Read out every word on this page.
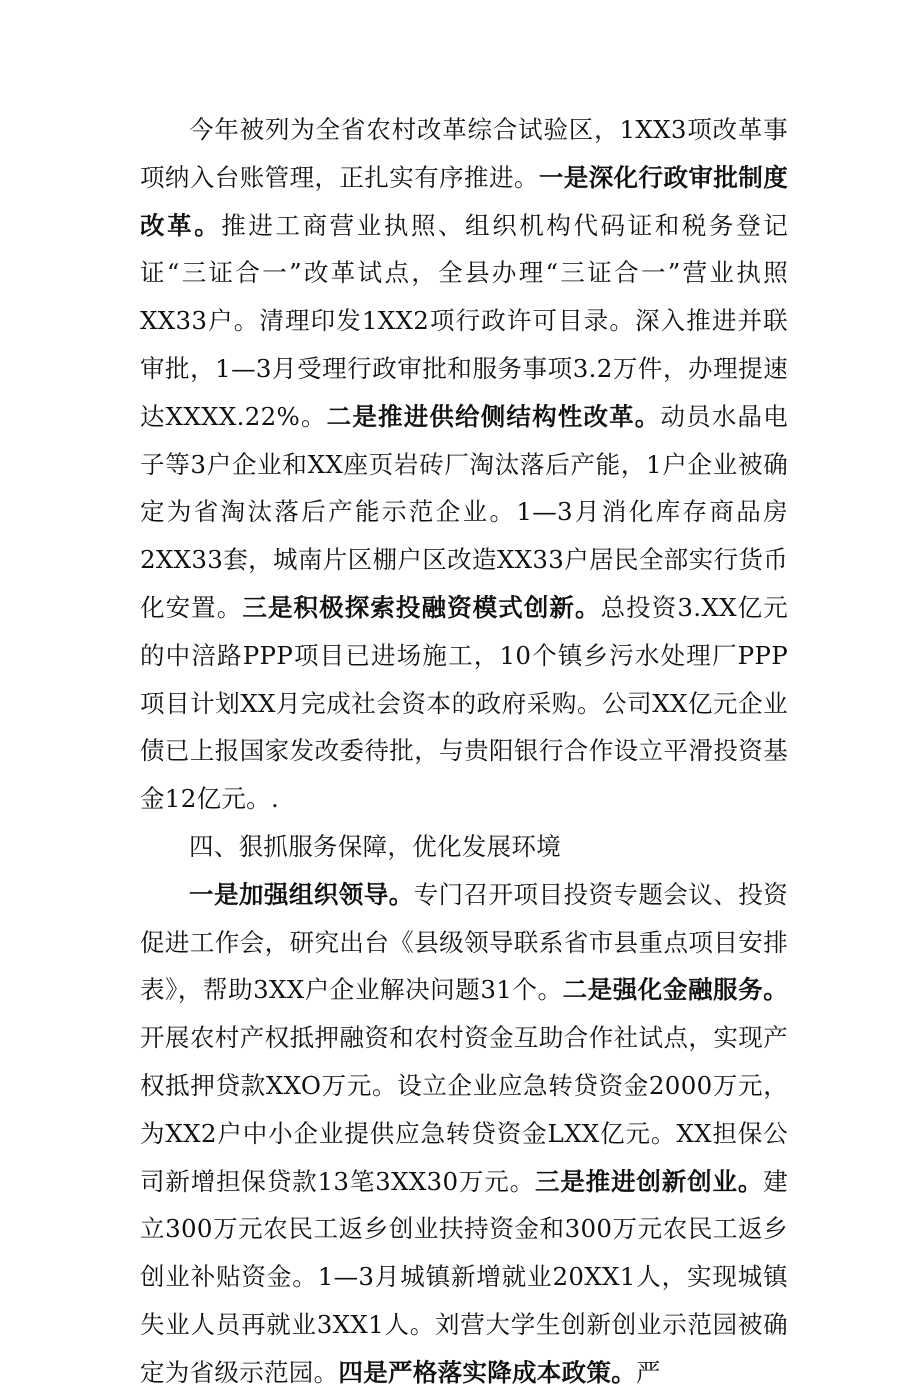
今年被列为全省农村改革综合试验区，1XX3项改革事项纳入台账管理，正扎实有序推进。一是深化行政审批制度改革。推进工商营业执照、组织机构代码证和税务登记证“三证合一”改革试点，全县办理“三证合一”营业执照XX33户。清理印发1XX2项行政许可目录。深入推进并联审批，1—3月受理行政审批和服务事项3.2万件，办理提速达XXXX.22%。二是推进供给侧结构性改革。动员水晶电子等3户企业和XX座页岩砖厂淘汰落后产能，1户企业被确定为省淘汰落后产能示范企业。1—3月消化库存商品房2XX33套，城南片区棚户区改造XX33户居民全部实行货币化安置。三是积极探索投融资模式创新。总投资3.XX亿元的中涪路PPP项目已进场施工，10个镇乡污水处理厂PPP项目计划XX月完成社会资本的政府采购。公司XX亿元企业债已上报国家发改委待批，与贵阳银行合作设立平滑投资基金12亿元。.

四、狠抓服务保障，优化发展环境

一是加强组织领导。专门召开项目投资专题会议、投资促进工作会，研究出台《县级领导联系省市县重点项目安排表》，帮助3XX户企业解决问题31个。二是强化金融服务。开展农村产权抵押融资和农村资金互助合作社试点，实现产权抵押贷款XXO万元。设立企业应急转贷资金2000万元，为XX2户中小企业提供应急转贷资金LXX亿元。XX担保公司新增担保贷款13笔3XX30万元。三是推进创新创业。建立300万元农民工返乡创业扶持资金和300万元农民工返乡创业补贴资金。1—3月城镇新增就业20XX1人，实现城镇失业人员再就业3XX1人。刘营大学生创新创业示范园被确定为省级示范园。四是严格落实降成本政策。严
